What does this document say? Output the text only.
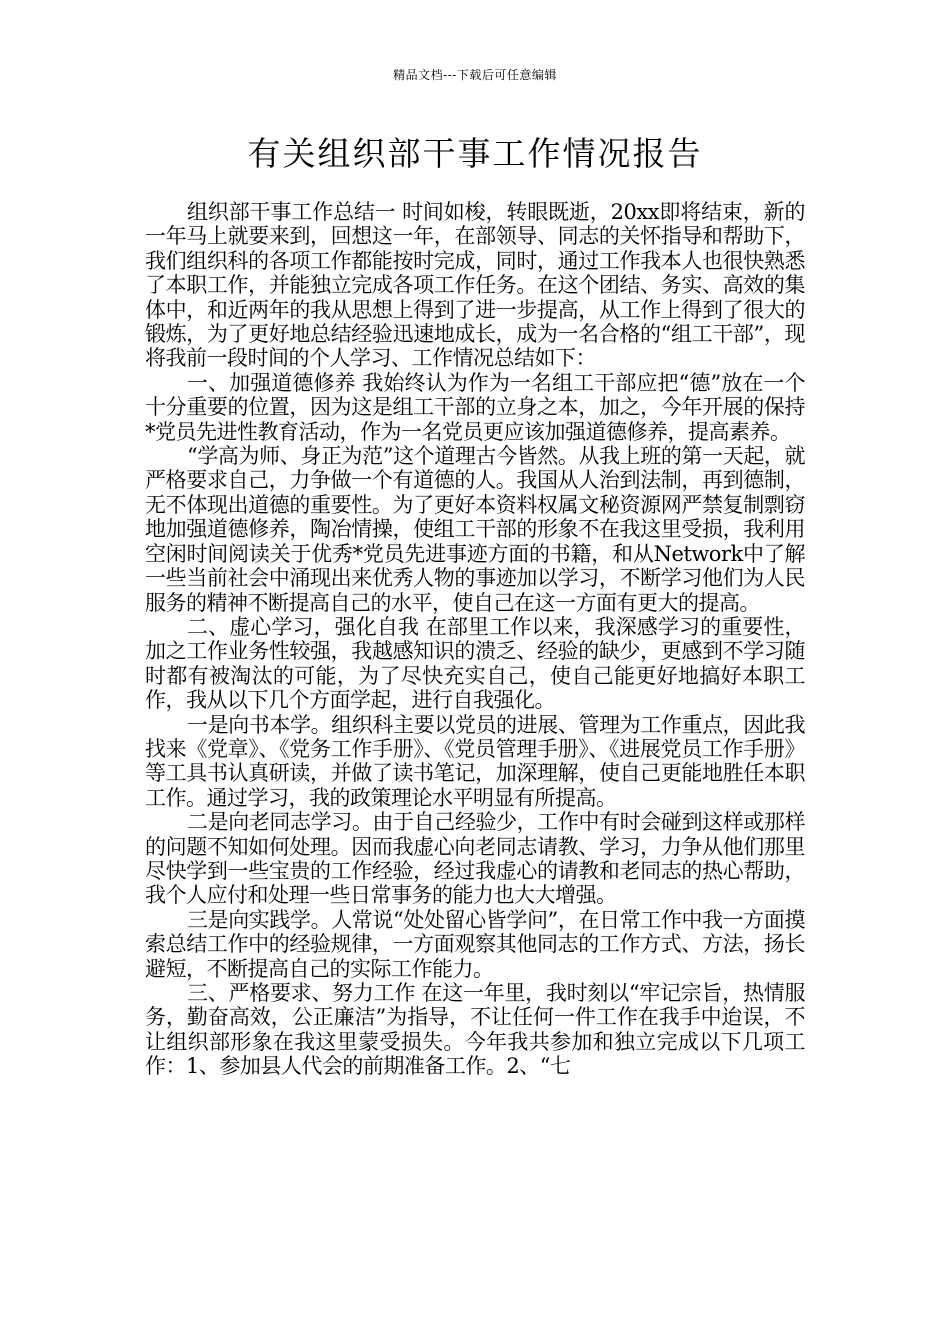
精品文档---下载后可任意编辑
有关组织部干事工作情况报告

组织部干事工作总结一 时间如梭，转眼既逝，20xx即将结束，新的一年马上就要来到，回想这一年，在部领导、同志的关怀指导和帮助下，我们组织科的各项工作都能按时完成，同时，通过工作我本人也很快熟悉了本职工作，并能独立完成各项工作任务。在这个团结、务实、高效的集体中，和近两年的我从思想上得到了进一步提高，从工作上得到了很大的锻炼，为了更好地总结经验迅速地成长，成为一名合格的“组工干部”，现将我前一段时间的个人学习、工作情况总结如下：

一、加强道德修养 我始终认为作为一名组工干部应把“德”放在一个十分重要的位置，因为这是组工干部的立身之本，加之，今年开展的保持*党员先进性教育活动，作为一名党员更应该加强道德修养，提高素养。

“学高为师、身正为范”这个道理古今皆然。从我上班的第一天起，就严格要求自己，力争做一个有道德的人。我国从人治到法制，再到德制，无不体现出道德的重要性。为了更好本资料权属文秘资源网严禁复制剽窃地加强道德修养，陶冶情操，使组工干部的形象不在我这里受损，我利用空闲时间阅读关于优秀*党员先进事迹方面的书籍，和从Network中了解一些当前社会中涌现出来优秀人物的事迹加以学习，不断学习他们为人民服务的精神不断提高自己的水平，使自己在这一方面有更大的提高。

二、虚心学习，强化自我 在部里工作以来，我深感学习的重要性，加之工作业务性较强，我越感知识的溃乏、经验的缺少，更感到不学习随时都有被淘汰的可能，为了尽快充实自己，使自己能更好地搞好本职工作，我从以下几个方面学起，进行自我强化。

一是向书本学。组织科主要以党员的进展、管理为工作重点，因此我找来《党章》、《党务工作手册》、《党员管理手册》、《进展党员工作手册》等工具书认真研读，并做了读书笔记，加深理解，使自己更能地胜任本职工作。通过学习，我的政策理论水平明显有所提高。

二是向老同志学习。由于自己经验少，工作中有时会碰到这样或那样的问题不知如何处理。因而我虚心向老同志请教、学习，力争从他们那里尽快学到一些宝贵的工作经验，经过我虚心的请教和老同志的热心帮助，我个人应付和处理一些日常事务的能力也大大增强。

三是向实践学。人常说“处处留心皆学问”，在日常工作中我一方面摸索总结工作中的经验规律，一方面观察其他同志的工作方式、方法，扬长避短，不断提高自己的实际工作能力。

三、严格要求、努力工作 在这一年里，我时刻以“牢记宗旨，热情服务，勤奋高效，公正廉洁”为指导，不让任何一件工作在我手中迨误，不让组织部形象在我这里蒙受损失。今年我共参加和独立完成以下几项工作：1、参加县人代会的前期准备工作。2、“七
